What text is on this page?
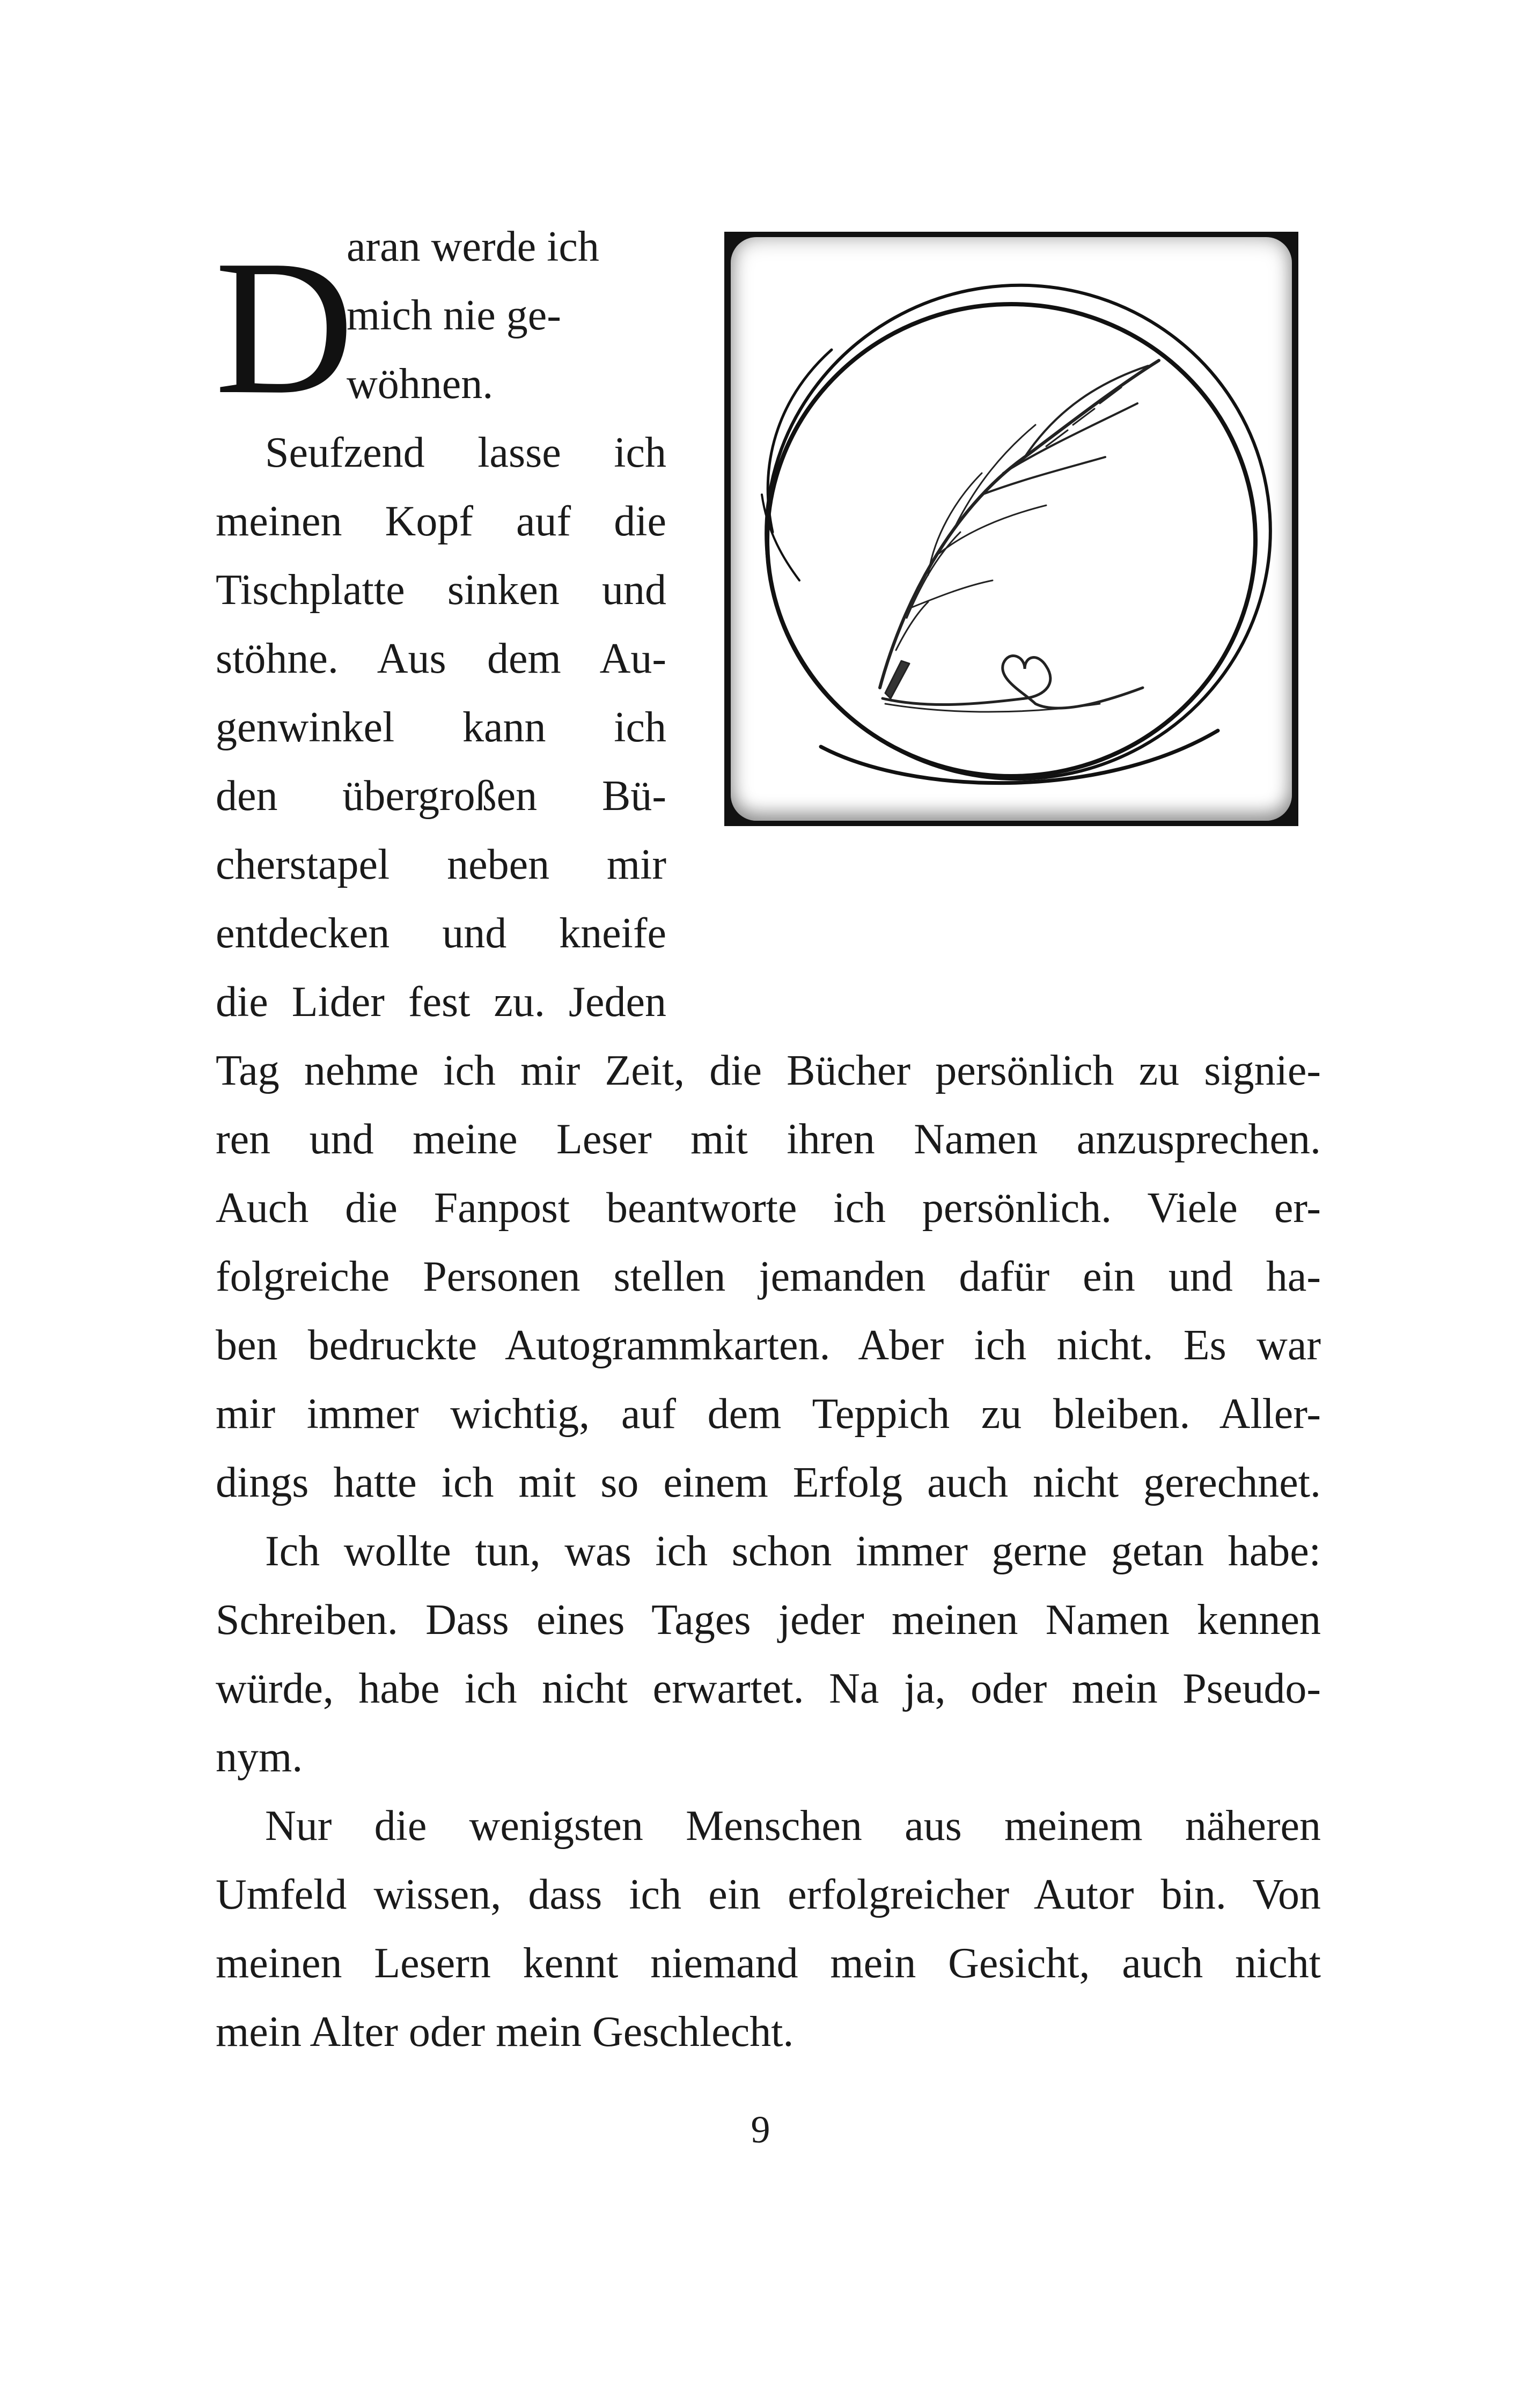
D
aran werde ich
mich nie ge-
wöhnen.
Seufzend lasse ich
meinen Kopf auf die
Tischplatte sinken und
stöhne. Aus dem Au-
genwinkel kann ich
den übergroßen Bü-
cherstapel neben mir
entdecken und kneife
die Lider fest zu. Jeden
Tag nehme ich mir Zeit, die Bücher persönlich zu signie-
ren und meine Leser mit ihren Namen anzusprechen.
Auch die Fanpost beantworte ich persönlich. Viele er-
folgreiche Personen stellen jemanden dafür ein und ha-
ben bedruckte Autogrammkarten. Aber ich nicht. Es war
mir immer wichtig, auf dem Teppich zu bleiben. Aller-
dings hatte ich mit so einem Erfolg auch nicht gerechnet.
Ich wollte tun, was ich schon immer gerne getan habe:
Schreiben. Dass eines Tages jeder meinen Namen kennen
würde, habe ich nicht erwartet. Na ja, oder mein Pseudo-
nym.
Nur die wenigsten Menschen aus meinem näheren
Umfeld wissen, dass ich ein erfolgreicher Autor bin. Von
meinen Lesern kennt niemand mein Gesicht, auch nicht
mein Alter oder mein Geschlecht.
9
